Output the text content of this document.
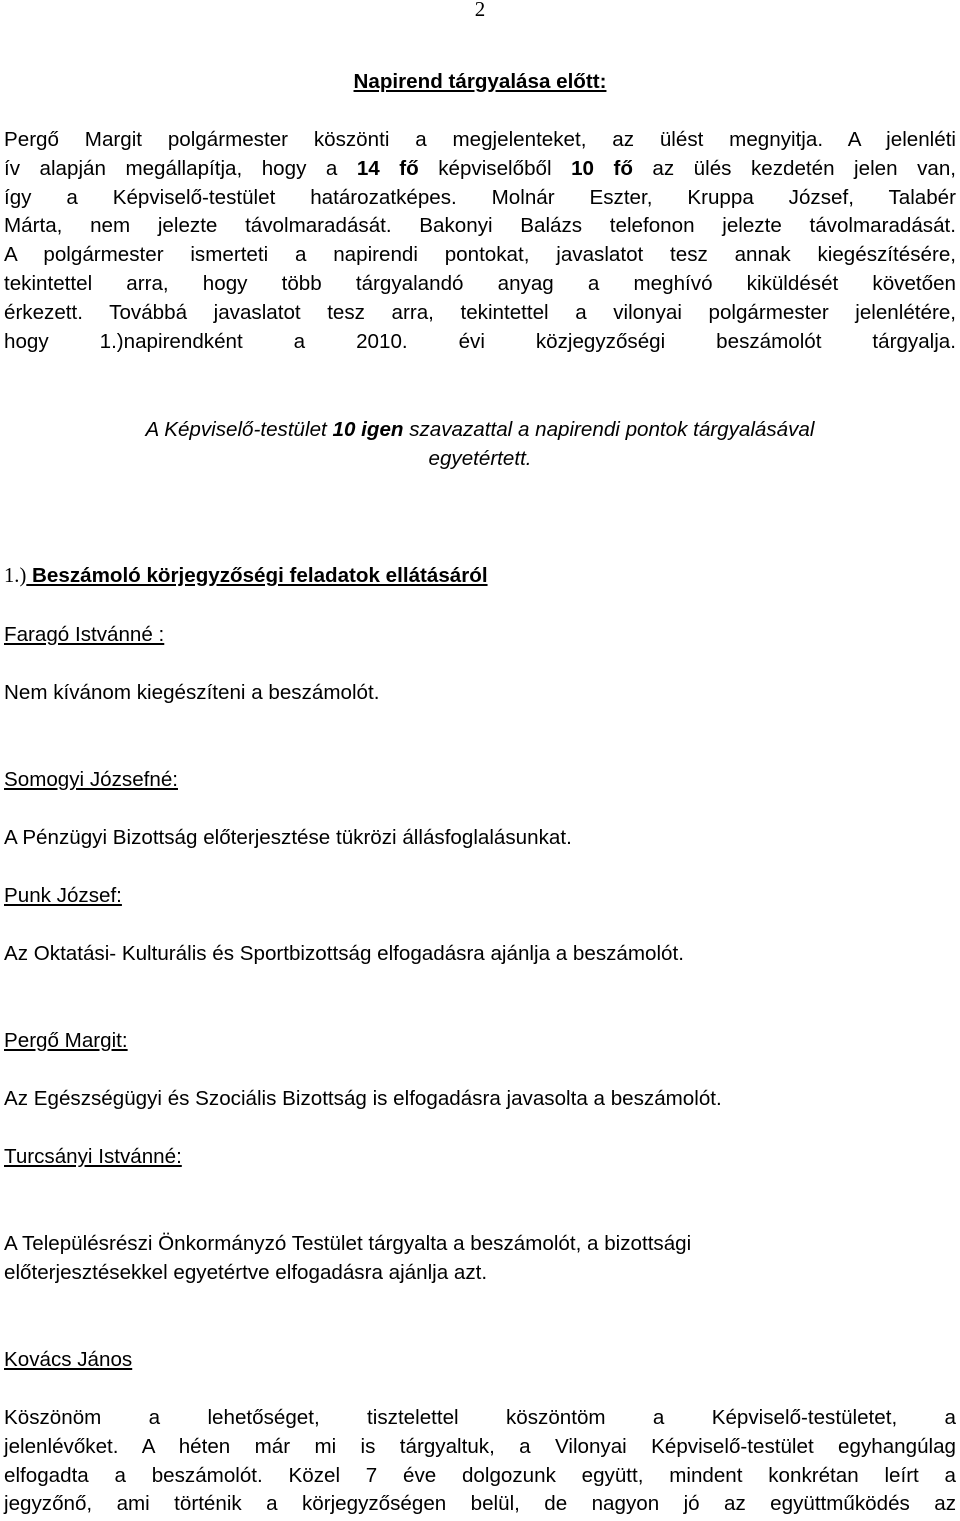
2
Napirend tárgyalása előtt:
Pergő Margit polgármester köszönti a megjelenteket, az ülést megnyitja. A jelenléti
ív alapján megállapítja, hogy a 14 fő képviselőből 10 fő az ülés kezdetén jelen van,
így a Képviselő-testület határozatképes. Molnár Eszter, Kruppa József, Talabér
Márta, nem jelezte távolmaradását. Bakonyi Balázs telefonon jelezte távolmaradását.
A polgármester ismerteti a napirendi pontokat, javaslatot tesz annak kiegészítésére,
tekintettel arra, hogy több tárgyalandó anyag a meghívó kiküldését követően
érkezett. Továbbá javaslatot tesz arra, tekintettel a vilonyai polgármester jelenlétére,
hogy 1.)napirendként a 2010. évi közjegyzőségi beszámolót tárgyalja.
A Képviselő-testület 10 igen szavazattal a napirendi pontok tárgyalásával
egyetértett.
1.) Beszámoló körjegyzőségi feladatok ellátásáról
Faragó Istvánné :
Nem kívánom kiegészíteni a beszámolót.
Somogyi Józsefné:
A Pénzügyi Bizottság előterjesztése tükrözi állásfoglalásunkat.
Punk József:
Az Oktatási- Kulturális és Sportbizottság elfogadásra ajánlja a beszámolót.
Pergő Margit:
Az Egészségügyi és Szociális Bizottság is elfogadásra javasolta a beszámolót.
Turcsányi Istvánné:
A Településrészi Önkormányzó Testület tárgyalta a beszámolót, a bizottsági
előterjesztésekkel egyetértve elfogadásra ajánlja azt.
Kovács János
Köszönöm a lehetőséget, tisztelettel köszöntöm a Képviselő-testületet, a
jelenlévőket. A héten már mi is tárgyaltuk, a Vilonyai Képviselő-testület egyhangúlag
elfogadta a beszámolót. Közel 7 éve dolgozunk együtt, mindent konkrétan leírt a
jegyzőnő, ami történik a körjegyzőségen belül, de nagyon jó az együttműködés az
